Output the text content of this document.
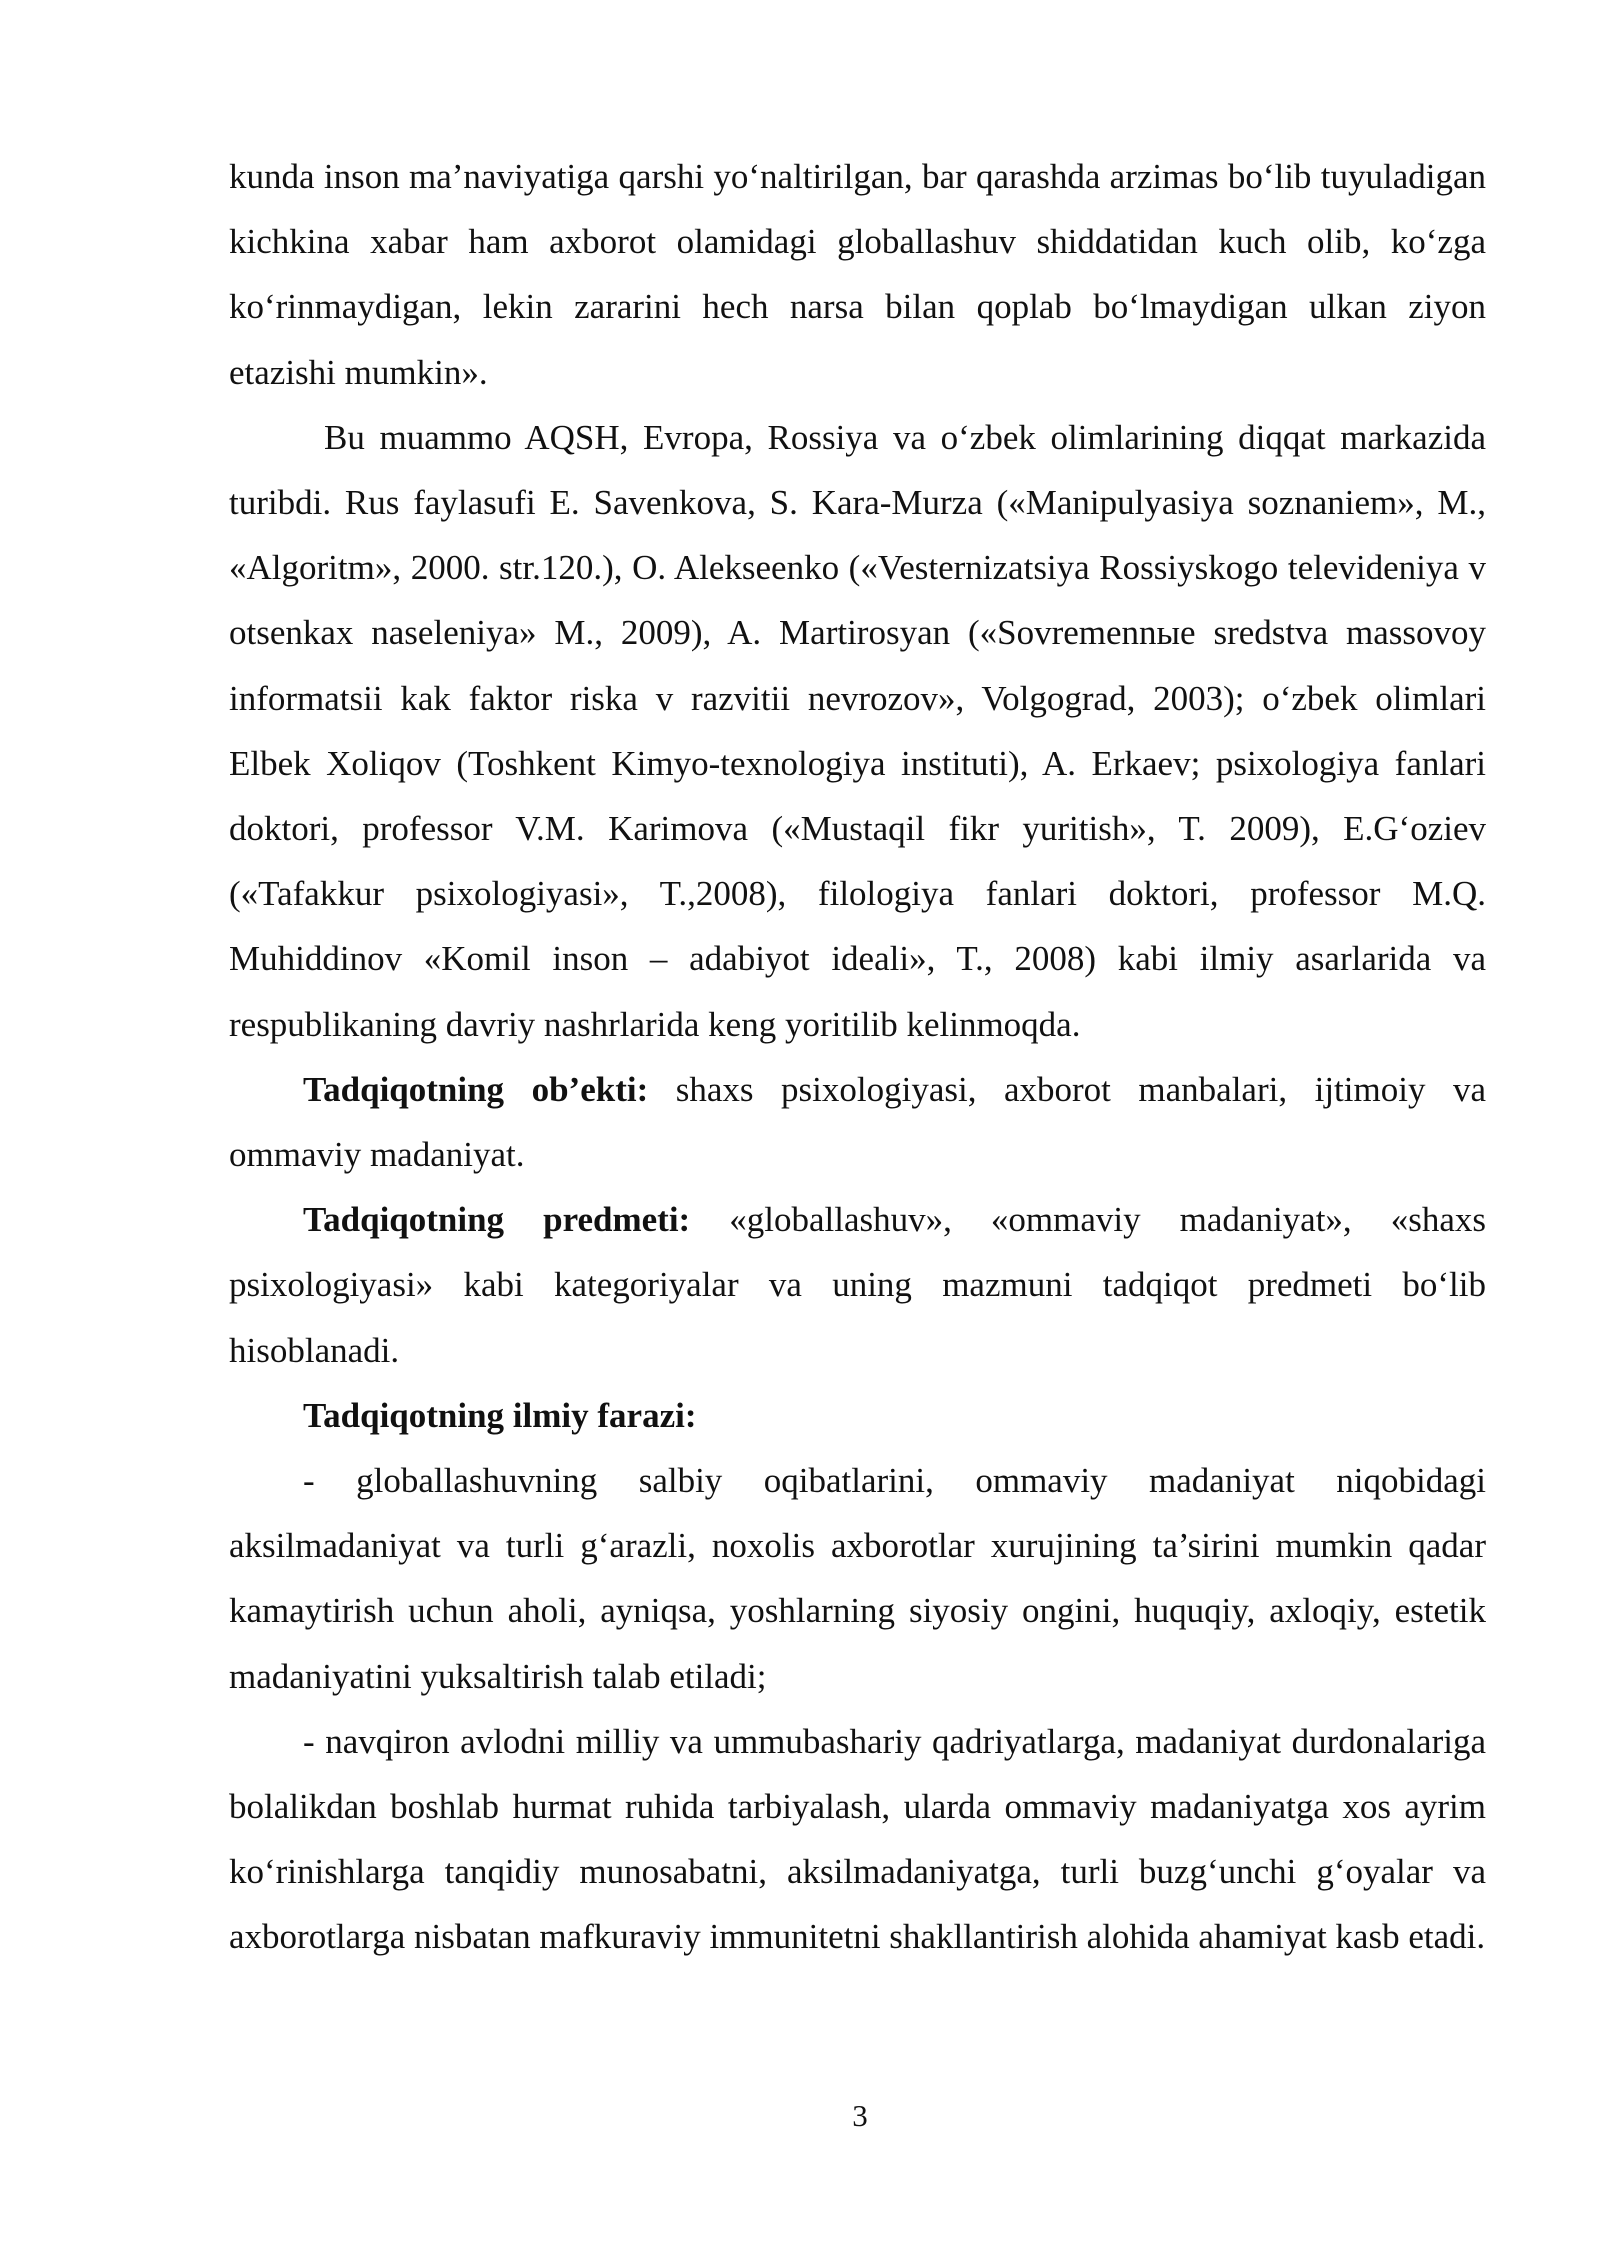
kunda inson ma’naviyatiga qarshi yo‘naltirilgan, bar qarashda arzimas bo‘lib tuyuladigan kichkina xabar ham axborot olamidagi globallashuv shiddatidan kuch olib, ko‘zga ko‘rinmaydigan, lekin zararini hech narsa bilan qoplab bo‘lmaydigan ulkan ziyon etazishi mumkin».

Bu muammo AQSH, Evropa, Rossiya va o‘zbek olimlarining diqqat markazida turibdi. Rus faylasufi E. Savenkova, S. Kara-Murza («Manipulyasiya soznaniem», M., «Algoritm», 2000. str.120.), O. Alekseenko («Vesternizatsiya Rossiyskogo televideniya v otsenkax naseleniya» M., 2009), A. Martirosyan («Sovremennыe sredstva massovoy informatsii kak faktor riska v razvitii nevrozov», Volgograd, 2003); o‘zbek olimlari Elbek Xoliqov (Toshkent Kimyo-texnologiya instituti), A. Erkaev; psixologiya fanlari doktori, professor V.M. Karimova («Mustaqil fikr yuritish», T. 2009), E.G‘oziev («Tafakkur psixologiyasi», T.,2008), filologiya fanlari doktori, professor M.Q. Muhiddinov «Komil inson – adabiyot ideali», T., 2008) kabi ilmiy asarlarida va respublikaning davriy nashrlarida keng yoritilib kelinmoqda.

Tadqiqotning ob’ekti: shaxs psixologiyasi, axborot manbalari, ijtimoiy va ommaviy madaniyat.

Tadqiqotning predmeti: «globallashuv», «ommaviy madaniyat», «shaxs psixologiyasi» kabi kategoriyalar va uning mazmuni tadqiqot predmeti bo‘lib hisoblanadi.

Tadqiqotning ilmiy farazi:

- globallashuvning salbiy oqibatlarini, ommaviy madaniyat niqobidagi aksilmadaniyat va turli g‘arazli, noxolis axborotlar xurujining ta’sirini mumkin qadar kamaytirish uchun aholi, ayniqsa, yoshlarning siyosiy ongini, huquqiy, axloqiy, estetik madaniyatini yuksaltirish talab etiladi;

- navqiron avlodni milliy va ummubashariy qadriyatlarga, madaniyat durdonalariga bolalikdan boshlab hurmat ruhida tarbiyalash, ularda ommaviy madaniyatga xos ayrim ko‘rinishlarga tanqidiy munosabatni, aksilmadaniyatga, turli buzg‘unchi g‘oyalar va axborotlarga nisbatan mafkuraviy immunitetni shakllantirish alohida ahamiyat kasb etadi.

3
